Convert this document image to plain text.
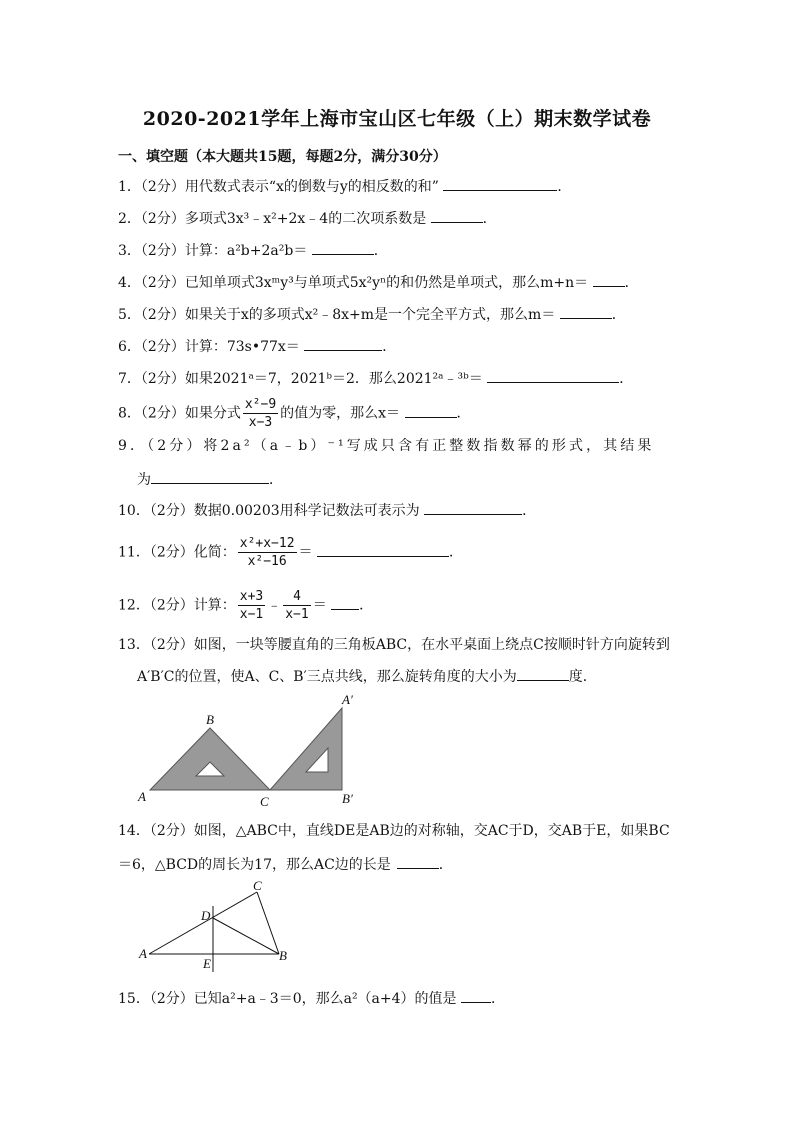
2020-2021学年上海市宝山区七年级（上）期末数学试卷
一、填空题（本大题共15题，每题2分，满分30分）
1．（2分）用代数式表示“x的倒数与y的相反数的和”	．
2．（2分）多项式3x³﹣x²+2x﹣4的二次项系数是	．
3．（2分）计算：a²b+2a²b＝	．
4．（2分）已知单项式3xᵐy³与单项式5x²yⁿ的和仍然是单项式，那么m+n＝	．
5．（2分）如果关于x的多项式x²﹣8x+m是一个完全平方式，那么m＝	．
6．（2分）计算：73s•77x＝	．
7．（2分）如果2021ᵃ＝7，2021ᵇ＝2．那么2021²ᵃ﹣³ᵇ＝	．
8．（2分）如果分式 $\frac{\text{x²−9}}{x-3}$ 的值为零，那么x＝	．
9．（2分）将2a²（a﹣b）⁻¹写成只含有正整数指数幂的形式，其结果
为	．
10．（2分）数据0.00203用科学记数法可表示为	．
11．（2分）化简： $\frac{\text{x²+x−12}}{\text{x²−16}}$ ＝	．
12．（2分）计算： $\frac{x+3}{x-1}$ ﹣ $\frac{4}{x-1}$ ＝ ．
13．（2分）如图，一块等腰直角的三角板ABC，在水平桌面上绕点C按顺时针方向旋转到
A′B′C的位置，使A、C、B′三点共线，那么旋转角度的大小为	度．
A
B
C
A′
B′
14．（2分）如图，△ABC中，直线DE是AB边的对称轴，交AC于D，交AB于E，如果BC
＝6，△BCD的周长为17，那么AC边的长是	．
A	B
C
D
E
15．（2分）已知a²+a﹣3＝0，那么a²（a+4）的值是 ．
